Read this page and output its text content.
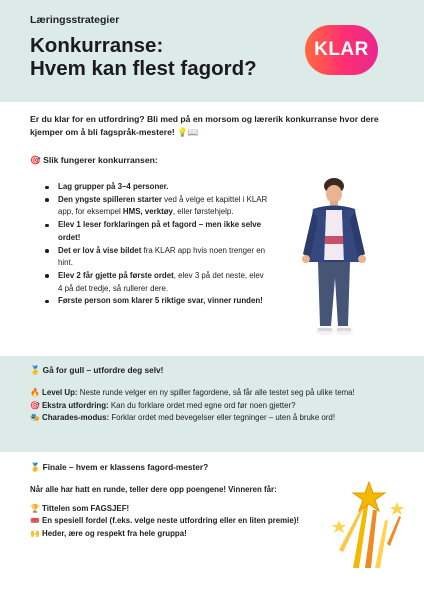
Læringsstrategier
Konkurranse:
Hvem kan flest fagord?
KLAR
Er du klar for en utfordring? Bli med på en morsom og lærerik konkurranse hvor dere kjemper om å bli fagspråk-mestere! 💡📖
🎯 Slik fungerer konkurransen:
Lag grupper på 3–4 personer.
Den yngste spilleren starter ved å velge et kapittel i KLAR app, for eksempel HMS, verktøy, eller førstehjelp.
Elev 1 leser forklaringen på et fagord – men ikke selve ordet!
Det er lov å vise bildet fra KLAR app hvis noen trenger en hint.
Elev 2 får gjette på første ordet, elev 3 på det neste, elev 4 på det tredje, så rullerer dere.
Første person som klarer 5 riktige svar, vinner runden!
🥇 Gå for gull – utfordre deg selv!
🔥 Level Up: Neste runde velger en ny spiller fagordene, så får alle testet seg på ulike tema!
🎯 Ekstra utfordring: Kan du forklare ordet med egne ord før noen gjetter?
🎭 Charades-modus: Forklar ordet med bevegelser eller tegninger – uten å bruke ord!
🥇 Finale – hvem er klassens fagord-mester?
Når alle har hatt en runde, teller dere opp poengene! Vinneren får:
🏆 Tittelen som FAGSJEF!
🎟️ En spesiell fordel (f.eks. velge neste utfordring eller en liten premie)!
🙌 Heder, ære og respekt fra hele gruppa!
